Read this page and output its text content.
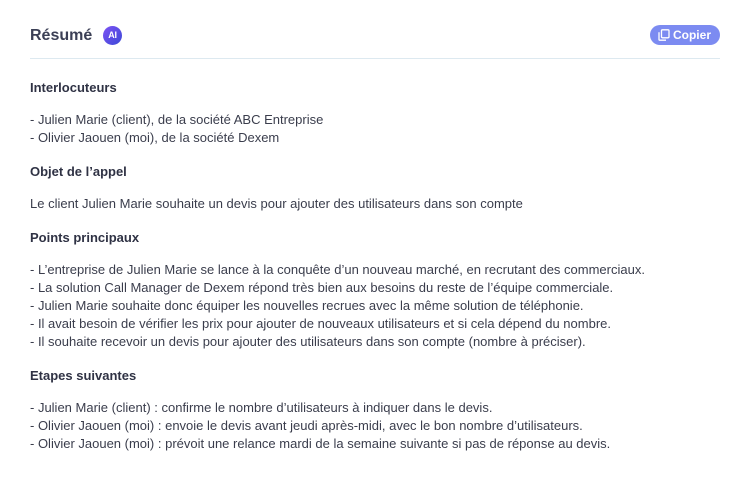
Résumé	AI	Copier
Interlocuteurs
- Julien Marie (client), de la société ABC Entreprise
- Olivier Jaouen (moi), de la société Dexem
Objet de l’appel
Le client Julien Marie souhaite un devis pour ajouter des utilisateurs dans son compte
Points principaux
- L’entreprise de Julien Marie se lance à la conquête d’un nouveau marché, en recrutant des commerciaux.
- La solution Call Manager de Dexem répond très bien aux besoins du reste de l’équipe commerciale.
- Julien Marie souhaite donc équiper les nouvelles recrues avec la même solution de téléphonie.
- Il avait besoin de vérifier les prix pour ajouter de nouveaux utilisateurs et si cela dépend du nombre.
- Il souhaite recevoir un devis pour ajouter des utilisateurs dans son compte (nombre à préciser).
Etapes suivantes
- Julien Marie (client) : confirme le nombre d’utilisateurs à indiquer dans le devis.
- Olivier Jaouen (moi) : envoie le devis avant jeudi après-midi, avec le bon nombre d’utilisateurs.
- Olivier Jaouen (moi) : prévoit une relance mardi de la semaine suivante si pas de réponse au devis.
